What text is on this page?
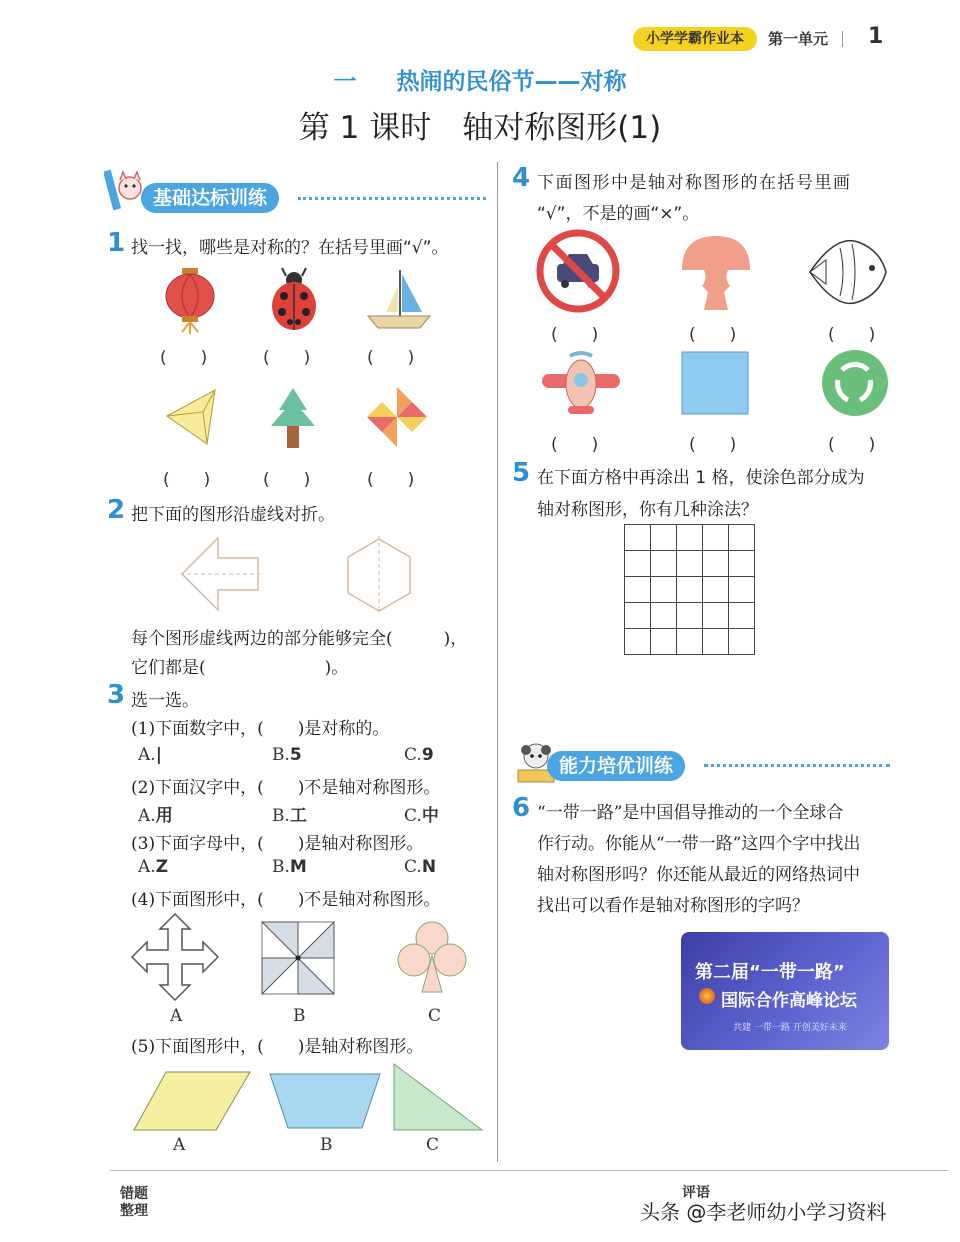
小学学霸作业本	第一单元 1
一 热闹的民俗节——对称
第 1 课时　轴对称图形(1)
基础达标训练
1 找一找，哪些是对称的？在括号里画“√”。
(　　)	(　　)	(　　)
(　　)	(　　)	(　　)
2 把下面的图形沿虚线对折。
每个图形虚线两边的部分能够完全(　　　)，
它们都是(　　　　　　　)。
3 选一选。
(1)下面数字中，(　　)是对称的。
A.|	B.5	C.9
(2)下面汉字中，(　　)不是轴对称图形。
A.用	B.工	C.中
(3)下面字母中，(　　)是轴对称图形。
A.Z	B.M	C.N
(4)下面图形中，(　　)不是轴对称图形。
A	B	C
(5)下面图形中，(　　)是轴对称图形。
A	B	C
4 下面图形中是轴对称图形的在括号里画
“√”，不是的画“×”。
(　　)	(　　)	(　　)
(　　)	(　　)	(　　)
5 在下面方格中再涂出 1 格，使涂色部分成为
轴对称图形，你有几种涂法？

能力培优训练
6 “一带一路”是中国倡导推动的一个全球合
作行动。你能从“一带一路”这四个字中找出
轴对称图形吗？你还能从最近的网络热词中
找出可以看作是轴对称图形的字吗？
第二届“一带一路”
国际合作高峰论坛
共建 一带一路 开创美好未来
错题
整理
评语
头条 @李老师幼小学习资料
